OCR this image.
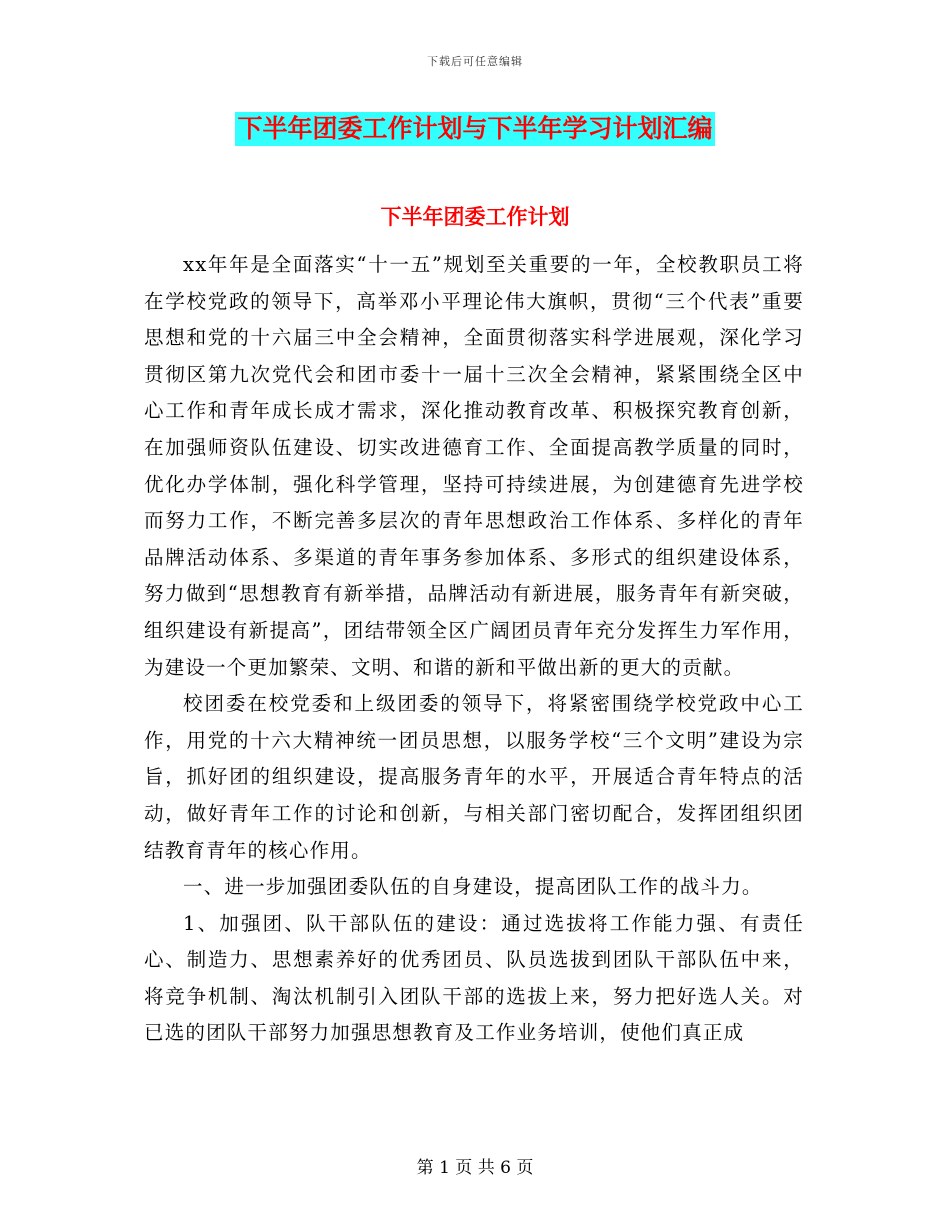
下载后可任意编辑
下半年团委工作计划与下半年学习计划汇编
下半年团委工作计划

xx年年是全面落实“十一五”规划至关重要的一年，全校教职员工将在学校党政的领导下，高举邓小平理论伟大旗帜，贯彻“三个代表”重要思想和党的十六届三中全会精神，全面贯彻落实科学进展观，深化学习贯彻区第九次党代会和团市委十一届十三次全会精神，紧紧围绕全区中心工作和青年成长成才需求，深化推动教育改革、积极探究教育创新，在加强师资队伍建设、切实改进德育工作、全面提高教学质量的同时，优化办学体制，强化科学管理，坚持可持续进展，为创建德育先进学校而努力工作，不断完善多层次的青年思想政治工作体系、多样化的青年品牌活动体系、多渠道的青年事务参加体系、多形式的组织建设体系，努力做到“思想教育有新举措，品牌活动有新进展，服务青年有新突破，组织建设有新提高”，团结带领全区广阔团员青年充分发挥生力军作用，为建设一个更加繁荣、文明、和谐的新和平做出新的更大的贡献。

校团委在校党委和上级团委的领导下，将紧密围绕学校党政中心工作，用党的十六大精神统一团员思想，以服务学校“三个文明”建设为宗旨，抓好团的组织建设，提高服务青年的水平，开展适合青年特点的活动，做好青年工作的讨论和创新，与相关部门密切配合，发挥团组织团结教育青年的核心作用。

一、进一步加强团委队伍的自身建设，提高团队工作的战斗力。

1、加强团、队干部队伍的建设：通过选拔将工作能力强、有责任心、制造力、思想素养好的优秀团员、队员选拔到团队干部队伍中来，将竞争机制、淘汰机制引入团队干部的选拔上来，努力把好选人关。对已选的团队干部努力加强思想教育及工作业务培训，使他们真正成

第 1 页 共 6 页
